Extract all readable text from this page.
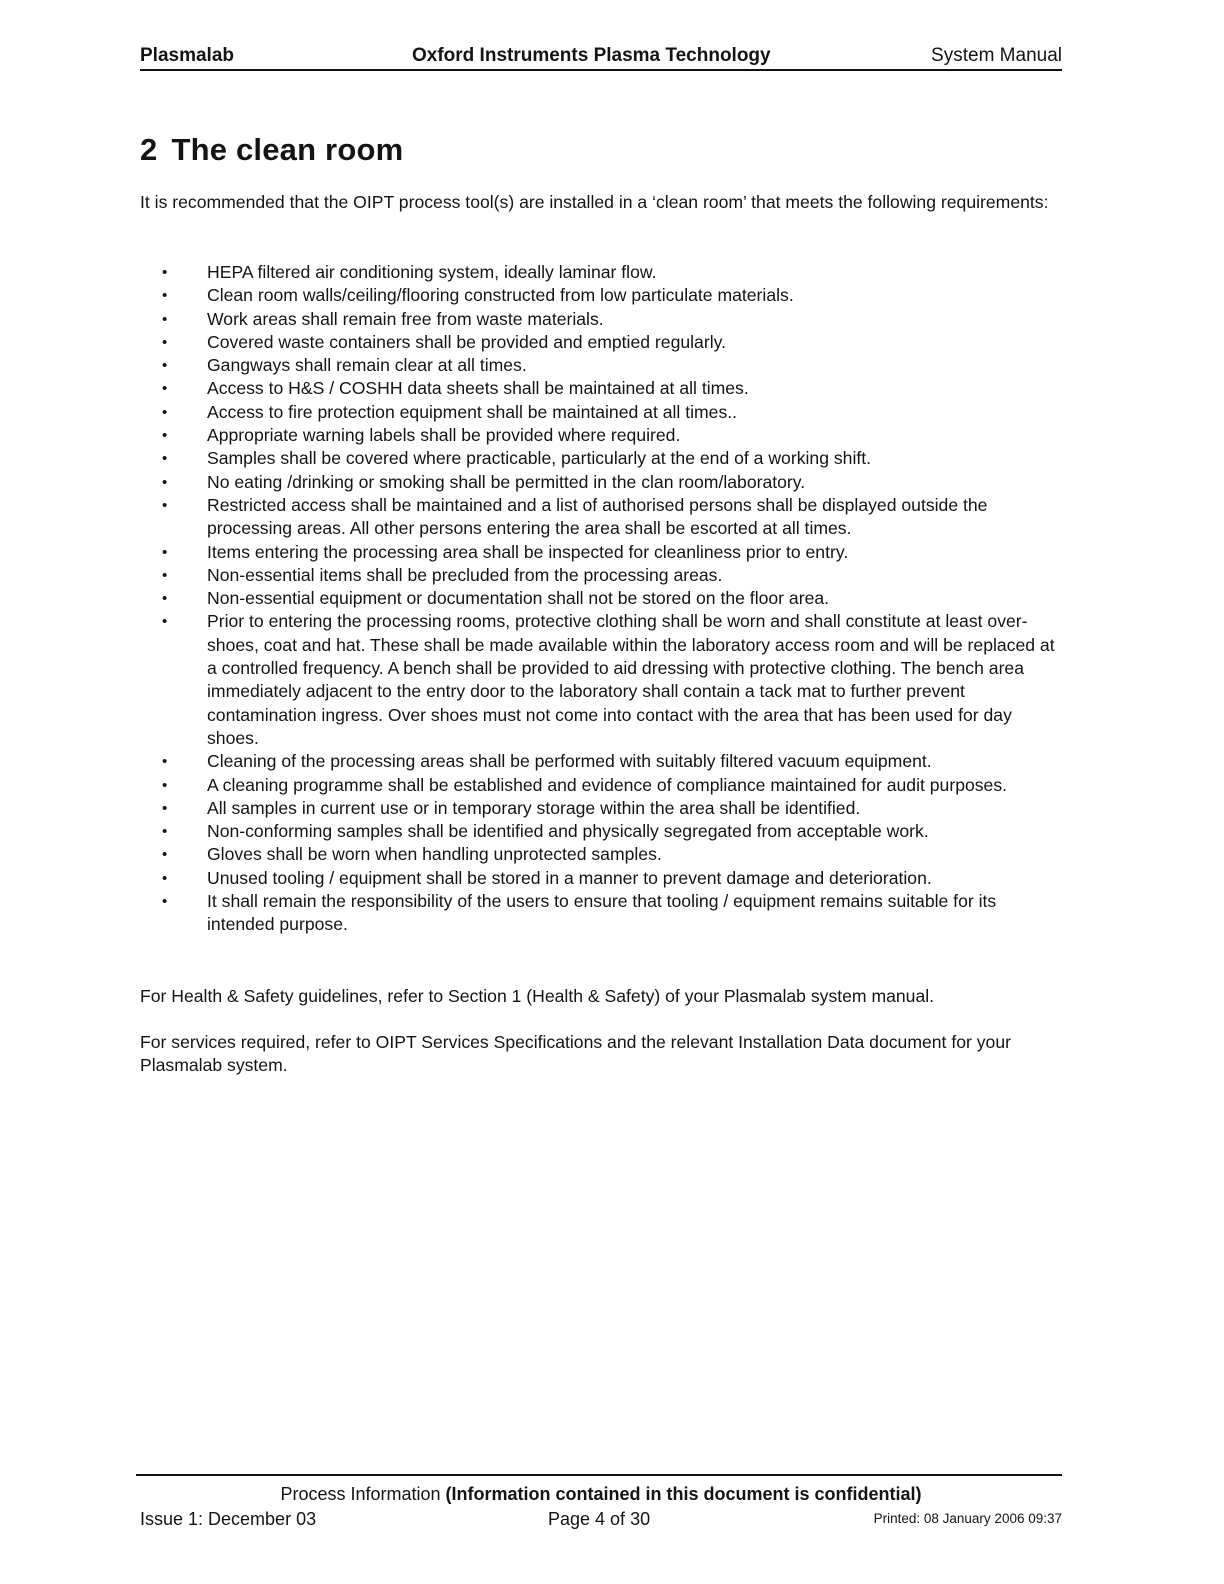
Plasmalab	Oxford Instruments Plasma Technology	System Manual
2 The clean room

It is recommended that the OIPT process tool(s) are installed in a ‘clean room’ that meets the following requirements:

• HEPA filtered air conditioning system, ideally laminar flow.
• Clean room walls/ceiling/flooring constructed from low particulate materials.
• Work areas shall remain free from waste materials.
• Covered waste containers shall be provided and emptied regularly.
• Gangways shall remain clear at all times.
• Access to H&S / COSHH data sheets shall be maintained at all times.
• Access to fire protection equipment shall be maintained at all times..
• Appropriate warning labels shall be provided where required.
• Samples shall be covered where practicable, particularly at the end of a working shift.
• No eating /drinking or smoking shall be permitted in the clan room/laboratory.
• Restricted access shall be maintained and a list of authorised persons shall be displayed outside the processing areas. All other persons entering the area shall be escorted at all times.
• Items entering the processing area shall be inspected for cleanliness prior to entry.
• Non-essential items shall be precluded from the processing areas.
• Non-essential equipment or documentation shall not be stored on the floor area.
• Prior to entering the processing rooms, protective clothing shall be worn and shall constitute at least over-shoes, coat and hat. These shall be made available within the laboratory access room and will be replaced at a controlled frequency. A bench shall be provided to aid dressing with protective clothing. The bench area immediately adjacent to the entry door to the laboratory shall contain a tack mat to further prevent contamination ingress. Over shoes must not come into contact with the area that has been used for day shoes.
• Cleaning of the processing areas shall be performed with suitably filtered vacuum equipment.
• A cleaning programme shall be established and evidence of compliance maintained for audit purposes.
• All samples in current use or in temporary storage within the area shall be identified.
• Non-conforming samples shall be identified and physically segregated from acceptable work.
• Gloves shall be worn when handling unprotected samples.
• Unused tooling / equipment shall be stored in a manner to prevent damage and deterioration.
• It shall remain the responsibility of the users to ensure that tooling / equipment remains suitable for its intended purpose.

For Health & Safety guidelines, refer to Section 1 (Health & Safety) of your Plasmalab system manual.

For services required, refer to OIPT Services Specifications and the relevant Installation Data document for your Plasmalab system.

Process Information (Information contained in this document is confidential)
Issue 1: December 03	Page 4 of 30	Printed: 08 January 2006 09:37
